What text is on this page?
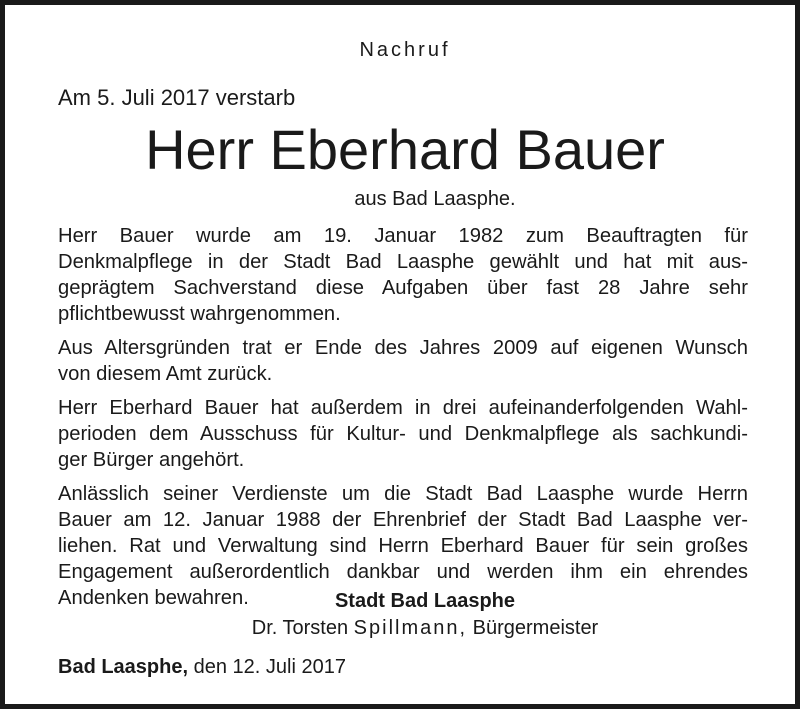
Nachruf
Am 5. Juli 2017 verstarb
Herr Eberhard Bauer
aus Bad Laasphe.

Herr Bauer wurde am 19. Januar 1982 zum Beauftragten für
Denkmalpflege in der Stadt Bad Laasphe gewählt und hat mit aus-
geprägtem Sachverstand diese Aufgaben über fast 28 Jahre sehr
pflichtbewusst wahrgenommen.

Aus Altersgründen trat er Ende des Jahres 2009 auf eigenen Wunsch
von diesem Amt zurück.

Herr Eberhard Bauer hat außerdem in drei aufeinanderfolgenden Wahl-
perioden dem Ausschuss für Kultur- und Denkmalpflege als sachkundi-
ger Bürger angehört.

Anlässlich seiner Verdienste um die Stadt Bad Laasphe wurde Herrn
Bauer am 12. Januar 1988 der Ehrenbrief der Stadt Bad Laasphe ver-
liehen. Rat und Verwaltung sind Herrn Eberhard Bauer für sein großes
Engagement außerordentlich dankbar und werden ihm ein ehrendes
Andenken bewahren.	Stadt Bad Laasphe
Dr. Torsten Spillmann, Bürgermeister
Bad Laasphe, den 12. Juli 2017
